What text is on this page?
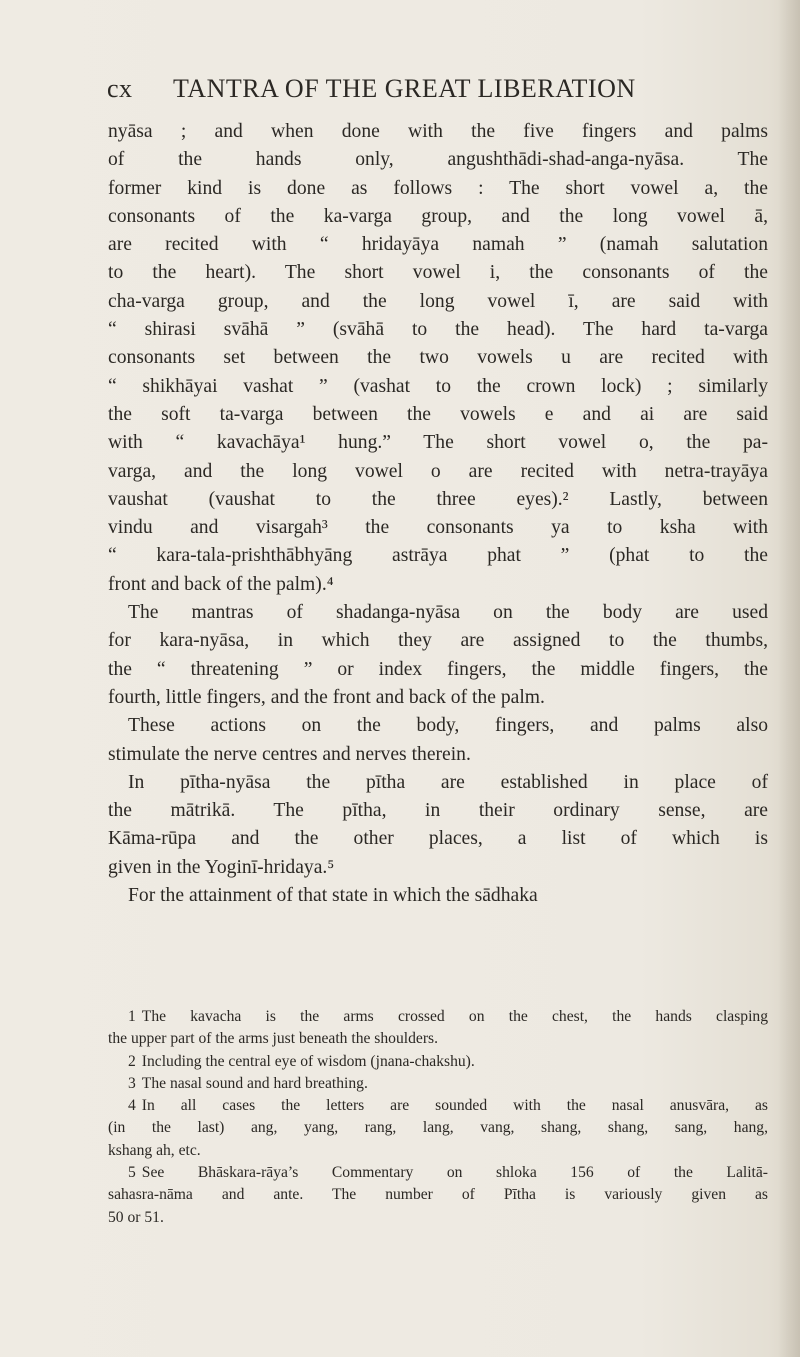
cx TANTRA OF THE GREAT LIBERATION
nyāsa ; and when done with the five fingers and palms
of the hands only, angushthādi-shad-anga-nyāsa. The
former kind is done as follows : The short vowel a, the
consonants of the ka-varga group, and the long vowel ā,
are recited with “ hridayāya namah ” (namah salutation
to the heart). The short vowel i, the consonants of the
cha-varga group, and the long vowel ī, are said with
“ shirasi svāhā ” (svāhā to the head). The hard ta-varga
consonants set between the two vowels u are recited with
“ shikhāyai vashat ” (vashat to the crown lock) ; similarly
the soft ta-varga between the vowels e and ai are said
with “ kavachāya¹ hung.” The short vowel o, the pa-
varga, and the long vowel o are recited with netra-trayāya
vaushat (vaushat to the three eyes).² Lastly, between
vindu and visargah³ the consonants ya to ksha with
“ kara-tala-prishthābhyāng astrāya phat ” (phat to the
front and back of the palm).⁴
The mantras of shadanga-nyāsa on the body are used
for kara-nyāsa, in which they are assigned to the thumbs,
the “ threatening ” or index fingers, the middle fingers, the
fourth, little fingers, and the front and back of the palm.
These actions on the body, fingers, and palms also
stimulate the nerve centres and nerves therein.
In pītha-nyāsa the pītha are established in place of
the mātrikā. The pītha, in their ordinary sense, are
Kāma-rūpa and the other places, a list of which is
given in the Yoginī-hridaya.⁵
For the attainment of that state in which the sādhaka
1 The kavacha is the arms crossed on the chest, the hands clasping
the upper part of the arms just beneath the shoulders.
2 Including the central eye of wisdom (jnana-chakshu).
3 The nasal sound and hard breathing.
4 In all cases the letters are sounded with the nasal anusvāra, as
(in the last) ang, yang, rang, lang, vang, shang, shang, sang, hang,
kshang ah, etc.
5 See Bhāskara-rāya’s Commentary on shloka 156 of the Lalitā-
sahasra-nāma and ante. The number of Pītha is variously given as
50 or 51.
